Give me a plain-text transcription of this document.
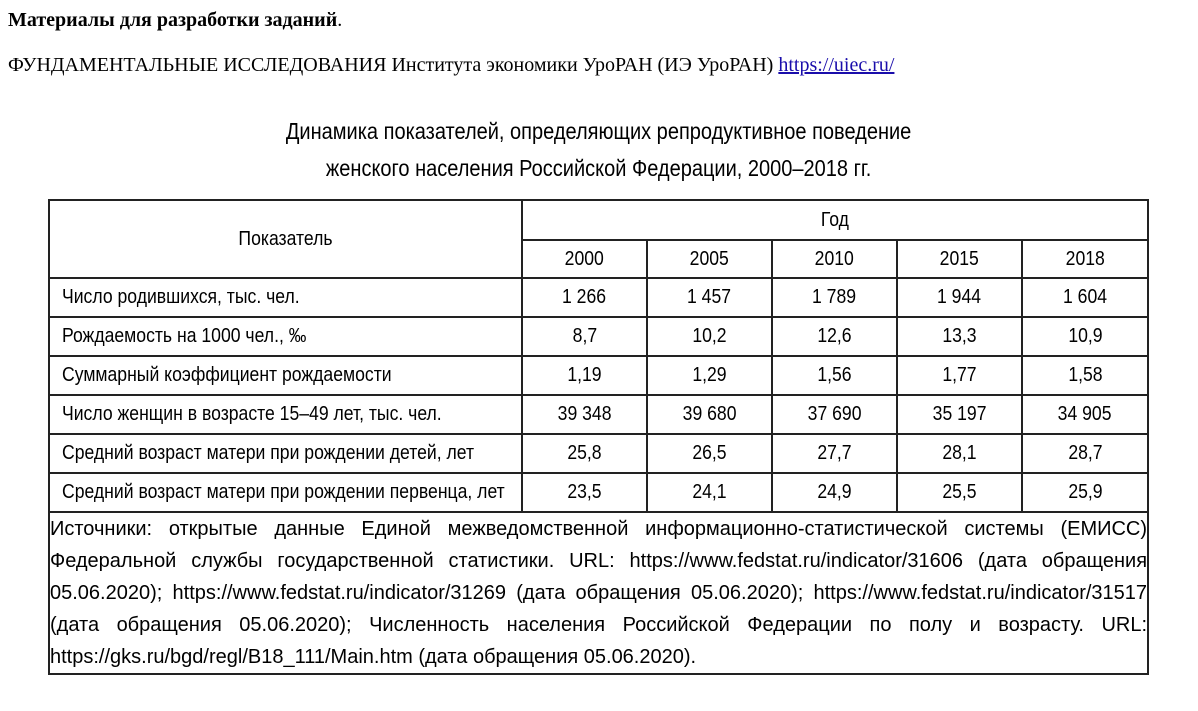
Материалы для разработки заданий.
ФУНДАМЕНТАЛЬНЫЕ ИССЛЕДОВАНИЯ Института экономики УроРАН (ИЭ УроРАН) https://uiec.ru/
Динамика показателей, определяющих репродуктивное поведение
женского населения Российской Федерации, 2000–2018 гг.
Показатель	Год				
	2000	2005	2010	2015	2018
Число родившихся, тыс. чел.	1 266	1 457	1 789	1 944	1 604
Рождаемость на 1000 чел., ‰	8,7	10,2	12,6	13,3	10,9
Суммарный коэффициент рождаемости	1,19	1,29	1,56	1,77	1,58
Число женщин в возрасте 15–49 лет, тыс. чел.	39 348	39 680	37 690	35 197	34 905
Средний возраст матери при рождении детей, лет	25,8	26,5	27,7	28,1	28,7
Средний возраст матери при рождении первенца, лет	23,5	24,1	24,9	25,5	25,9

Источники: открытые данные Единой межведомственной информационно-статистической системы (ЕМИСС) Федеральной службы государственной статистики. URL: https://www.fedstat.ru/indicator/31606 (дата обращения 05.06.2020); https://www.fedstat.ru/indicator/31269 (дата обращения 05.06.2020); https://www.fedstat.ru/indicator/31517 (дата обращения 05.06.2020); Численность населения Российской Федерации по полу и возрасту. URL: https://gks.ru/bgd/regl/B18_111/Main.htm (дата обращения 05.06.2020).					
